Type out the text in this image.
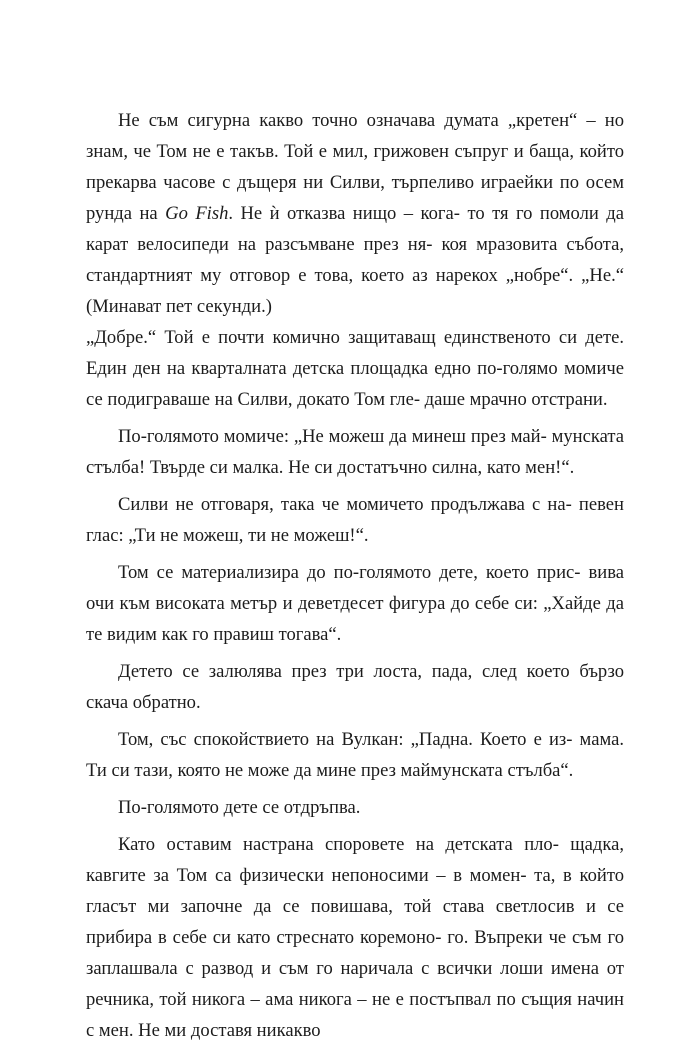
Не съм сигурна какво точно означава думата „кретен“ – но знам, че Том не е такъв. Той е мил, грижовен съпруг и баща, който прекарва часове с дъщеря ни Силви, търпеливо играейки по осем рунда на Go Fish. Не ѝ отказва нищо – кога- то тя го помоли да карат велосипеди на разсъмване през ня- коя мразовита събота, стандартният му отговор е това, което аз нарекох „нобре“. „Не.“ (Минават пет секунди.)

„Добре.“ Той е почти комично защитаващ единственото си дете. Един ден на кварталната детска площадка едно по-голямо момиче се подиграваше на Силви, докато Том гле- даше мрачно отстрани.

По-голямото момиче: „Не можеш да минеш през май- мунската стълба! Твърде си малка. Не си достатъчно силна, като мен!“.

Силви не отговаря, така че момичето продължава с на- певен глас: „Ти не можеш, ти не можеш!“.

Том се материализира до по-голямото дете, което прис- вива очи към високата метър и деветдесет фигура до себе си: „Хайде да те видим как го правиш тогава“.

Детето се залюлява през три лоста, пада, след което бързо скача обратно.

Том, със спокойствието на Вулкан: „Падна. Което е из- мама. Ти си тази, която не може да мине през маймунската стълба“.

По-голямото дете се отдръпва.

Като оставим настрана споровете на детската пло- щадка, кавгите за Том са физически непоносими – в момен- та, в който гласът ми започне да се повишава, той става светлосив и се прибира в себе си като стреснато коремоно- го. Въпреки че съм го заплашвала с развод и съм го наричала с всички лоши имена от речника, той никога – ама никога – не е постъпвал по същия начин с мен. Не ми доставя никакво
